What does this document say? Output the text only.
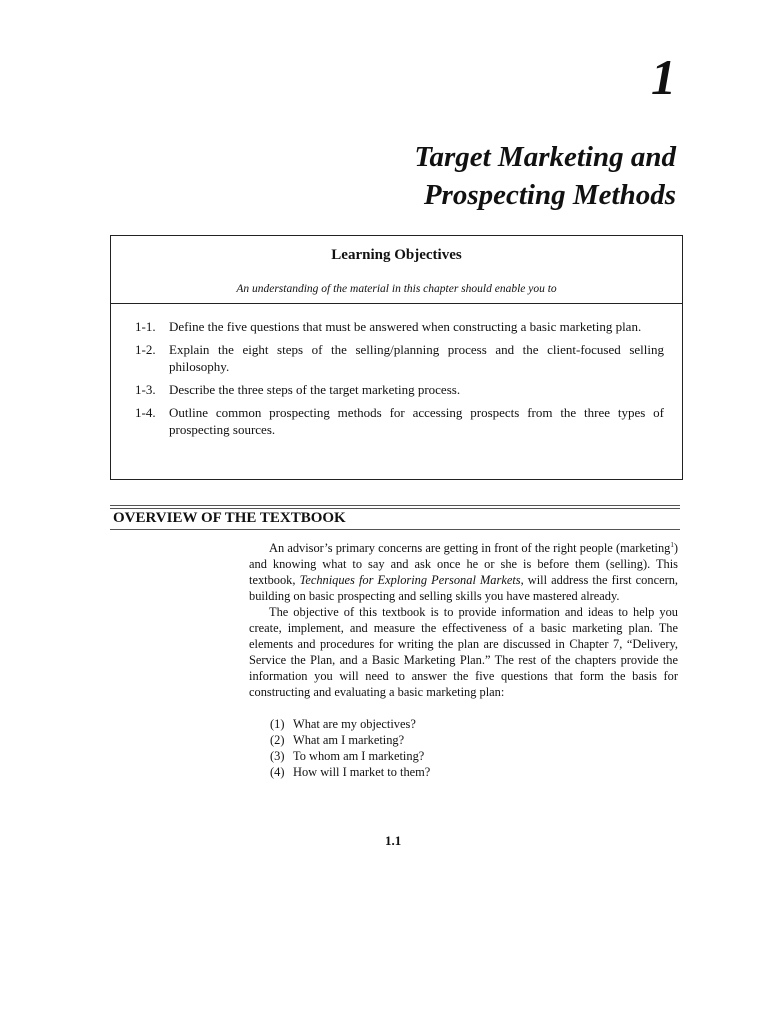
1
Target Marketing and
Prospecting Methods
Learning Objectives
An understanding of the material in this chapter should enable you to
1-1.	Define the five questions that must be answered when constructing a basic marketing plan.
1-2.	Explain the eight steps of the selling/planning process and the client-focused selling philosophy.
1-3.	Describe the three steps of the target marketing process.
1-4.	Outline common prospecting methods for accessing prospects from the three types of prospecting sources.
OVERVIEW OF THE TEXTBOOK

An advisor’s primary concerns are getting in front of the right people (marketing$^1$) and knowing what to say and ask once he or she is before them (selling). This textbook, Techniques for Exploring Personal Markets, will address the first concern, building on basic prospecting and selling skills you have mastered already.

The objective of this textbook is to provide information and ideas to help you create, implement, and measure the effectiveness of a basic marketing plan. The elements and procedures for writing the plan are discussed in Chapter 7, “Delivery, Service the Plan, and a Basic Marketing Plan.” The rest of the chapters provide the information you will need to answer the five questions that form the basis for constructing and evaluating a basic marketing plan:

(1) What are my objectives?
(2) What am I marketing?
(3) To whom am I marketing?
(4) How will I market to them?
1.1
